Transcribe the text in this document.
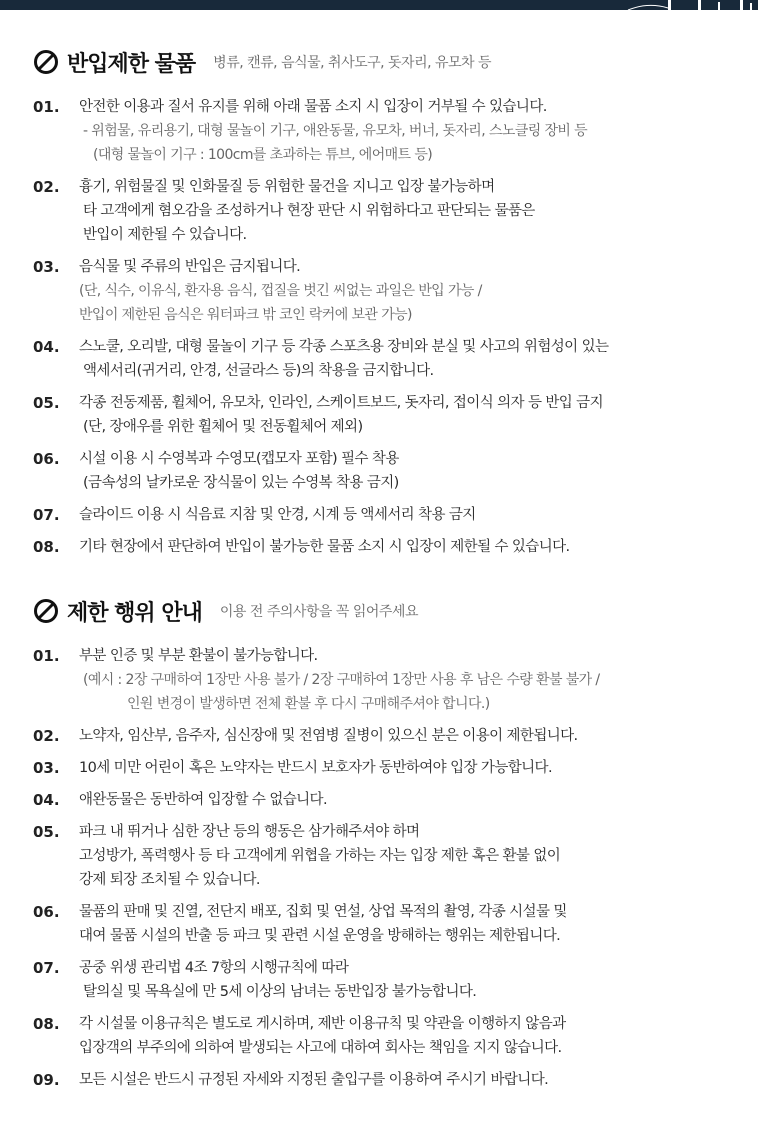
반입제한 물품 병류, 캔류, 음식물, 취사도구, 돗자리, 유모차 등
01.	안전한 이용과 질서 유지를 위해 아래 물품 소지 시 입장이 거부될 수 있습니다.
- 위험물, 유리용기, 대형 물놀이 기구, 애완동물, 유모차, 버너, 돗자리, 스노클링 장비 등
(대형 물놀이 기구 : 100cm를 초과하는 튜브, 에어매트 등)
02.	흉기, 위험물질 및 인화물질 등 위험한 물건을 지니고 입장 불가능하며
타 고객에게 혐오감을 조성하거나 현장 판단 시 위험하다고 판단되는 물품은
반입이 제한될 수 있습니다.
03.	음식물 및 주류의 반입은 금지됩니다.
(단, 식수, 이유식, 환자용 음식, 껍질을 벗긴 씨없는 과일은 반입 가능 /
반입이 제한된 음식은 워터파크 밖 코인 락커에 보관 가능)
04.	스노쿨, 오리발, 대형 물놀이 기구 등 각종 스포츠용 장비와 분실 및 사고의 위험성이 있는
액세서리(귀거리, 안경, 선글라스 등)의 착용을 금지합니다.
05.	각종 전동제품, 휠체어, 유모차, 인라인, 스케이트보드, 돗자리, 접이식 의자 등 반입 금지
(단, 장애우를 위한 휠체어 및 전동휠체어 제외)
06.	시설 이용 시 수영복과 수영모(캡모자 포함) 필수 착용
(금속성의 날카로운 장식물이 있는 수영복 착용 금지)
07.	슬라이드 이용 시 식음료 지참 및 안경, 시계 등 액세서리 착용 금지
08.	기타 현장에서 판단하여 반입이 불가능한 물품 소지 시 입장이 제한될 수 있습니다.
제한 행위 안내 이용 전 주의사항을 꼭 읽어주세요
01.	부분 인증 및 부분 환불이 불가능합니다.
(예시 : 2장 구매하여 1장만 사용 불가 / 2장 구매하여 1장만 사용 후 남은 수량 환불 불가 /
인원 변경이 발생하면 전체 환불 후 다시 구매해주셔야 합니다.)
02.	노약자, 임산부, 음주자, 심신장애 및 전염병 질병이 있으신 분은 이용이 제한됩니다.
03.	10세 미만 어린이 혹은 노약자는 반드시 보호자가 동반하여야 입장 가능합니다.
04.	애완동물은 동반하여 입장할 수 없습니다.
05.	파크 내 뛰거나 심한 장난 등의 행동은 삼가해주셔야 하며
고성방가, 폭력행사 등 타 고객에게 위협을 가하는 자는 입장 제한 혹은 환불 없이
강제 퇴장 조치될 수 있습니다.
06.	물품의 판매 및 진열, 전단지 배포, 집회 및 연설, 상업 목적의 촬영, 각종 시설물 및
대여 물품 시설의 반출 등 파크 및 관련 시설 운영을 방해하는 행위는 제한됩니다.
07.	공중 위생 관리법 4조 7항의 시행규칙에 따라
탈의실 및 목욕실에 만 5세 이상의 남녀는 동반입장 불가능합니다.
08.	각 시설물 이용규칙은 별도로 게시하며, 제반 이용규칙 및 약관을 이행하지 않음과
입장객의 부주의에 의하여 발생되는 사고에 대하여 회사는 책임을 지지 않습니다.
09.	모든 시설은 반드시 규정된 자세와 지정된 출입구를 이용하여 주시기 바랍니다.
